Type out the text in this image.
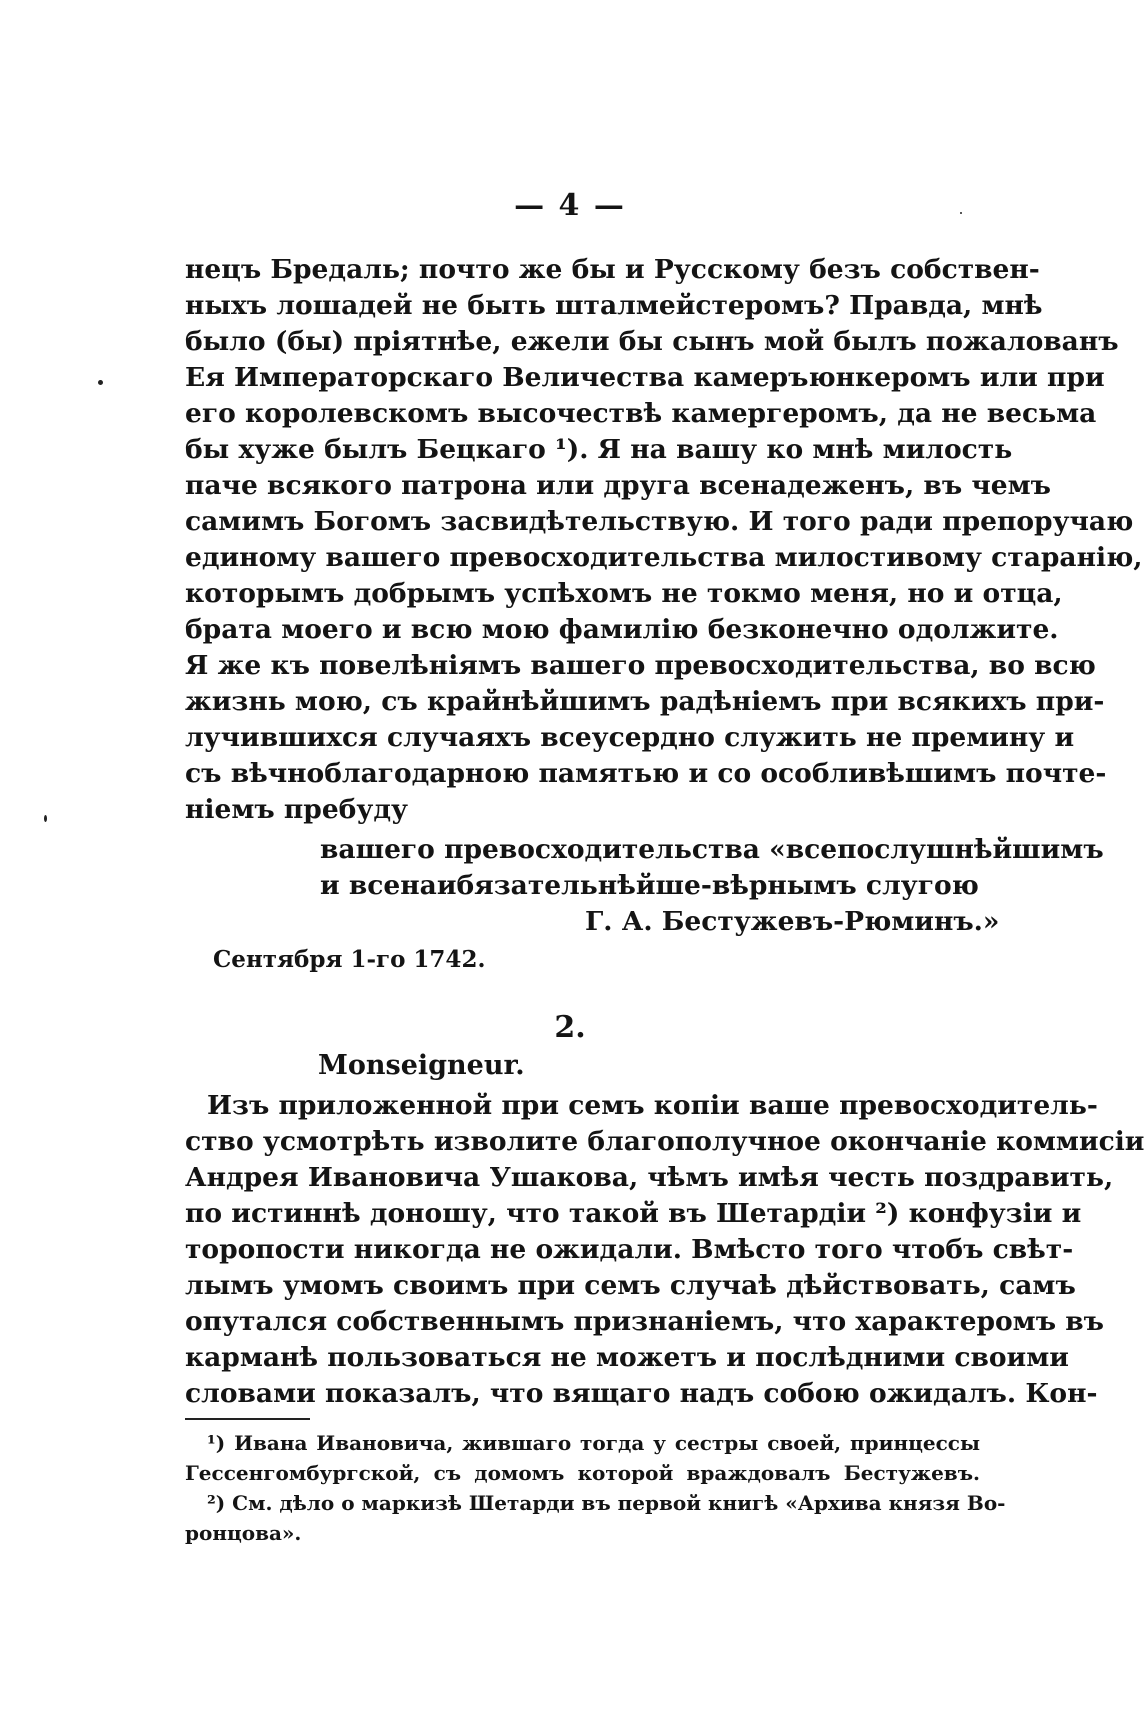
— 4 —
нецъ Бредаль; почто же бы и Русскому безъ собствен-
ныхъ лошадей не быть шталмейстеромъ? Правда, мнѣ
было (бы) пріятнѣе, ежели бы сынъ мой былъ пожалованъ
Ея Императорскаго Величества камеръюнкеромъ или при
его королевскомъ высочествѣ камергеромъ, да не весьма
бы хуже былъ Бецкаго ¹). Я на вашу ко мнѣ милость
паче всякого патрона или друга всенадеженъ, въ чемъ
самимъ Богомъ засвидѣтельствую. И того ради препоручаю
единому вашего превосходительства милостивому старанію,
которымъ добрымъ успѣхомъ не токмо меня, но и отца,
брата моего и всю мою фамилію безконечно одолжите.
Я же къ повелѣніямъ вашего превосходительства, во всю
жизнь мою, съ крайнѣйшимъ радѣніемъ при всякихъ при-
лучившихся случаяхъ всеусердно служить не премину и
съ вѣчноблагодарною памятью и со особливѣшимъ почте-
ніемъ пребуду
вашего превосходительства «всепослушнѣйшимъ
и всенаибязательнѣйше-вѣрнымъ слугою
Г. А. Бестужевъ-Рюминъ.»
Сентября 1-го 1742.
2.
Monseigneur.
Изъ приложенной при семъ копіи ваше превосходитель-
ство усмотрѣть изволите благополучное окончаніе коммисіи
Андрея Ивановича Ушакова, чѣмъ имѣя честь поздравить,
по истиннѣ доношу, что такой въ Шетардіи ²) конфузіи и
торопости никогда не ожидали. Вмѣсто того чтобъ свѣт-
лымъ умомъ своимъ при семъ случаѣ дѣйствовать, самъ
опутался собственнымъ признаніемъ, что характеромъ въ
карманѣ пользоваться не можетъ и послѣдними своими
словами показалъ, что вящаго надъ собою ожидалъ. Кон-
¹) Ивана Ивановича, жившаго тогда у сестры своей, принцессы
Гессенгомбургской, съ домомъ которой враждовалъ Бестужевъ.
²) См. дѣло о маркизѣ Шетарди въ первой книгѣ «Архива князя Во-
ронцова».
